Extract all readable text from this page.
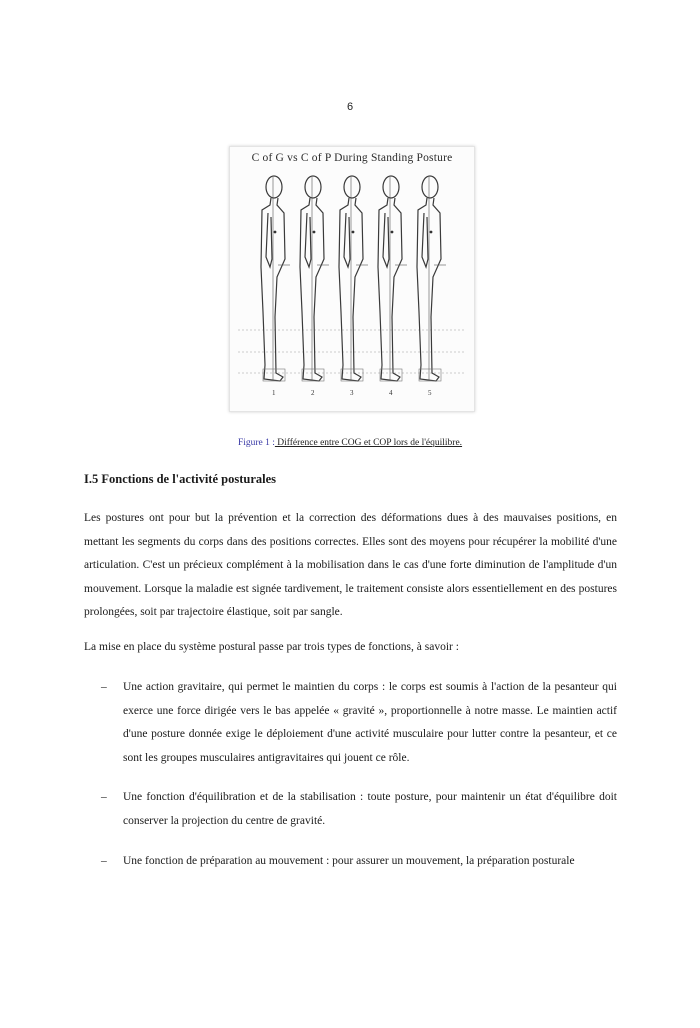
6
C of G vs C of P During Standing Posture
1	2	3	4	5
Figure 1 : Différence entre COG et COP lors de l'équilibre.
I.5 Fonctions de l'activité posturales

Les postures ont pour but la prévention et la correction des déformations dues à des mauvaises positions, en mettant les segments du corps dans des positions correctes. Elles sont des moyens pour récupérer la mobilité d'une articulation. C'est un précieux complément à la mobilisation dans le cas d'une forte diminution de l'amplitude d'un mouvement. Lorsque la maladie est signée tardivement, le traitement consiste alors essentiellement en des postures prolongées, soit par trajectoire élastique, soit par sangle.

La mise en place du système postural passe par trois types de fonctions, à savoir :

– Une action gravitaire, qui permet le maintien du corps : le corps est soumis à l'action de la pesanteur qui exerce une force dirigée vers le bas appelée « gravité », proportionnelle à notre masse. Le maintien actif d'une posture donnée exige le déploiement d'une activité musculaire pour lutter contre la pesanteur, et ce sont les groupes musculaires antigravitaires qui jouent ce rôle.
– Une fonction d'équilibration et de la stabilisation : toute posture, pour maintenir un état d'équilibre doit conserver la projection du centre de gravité.
– Une fonction de préparation au mouvement : pour assurer un mouvement, la préparation posturale
